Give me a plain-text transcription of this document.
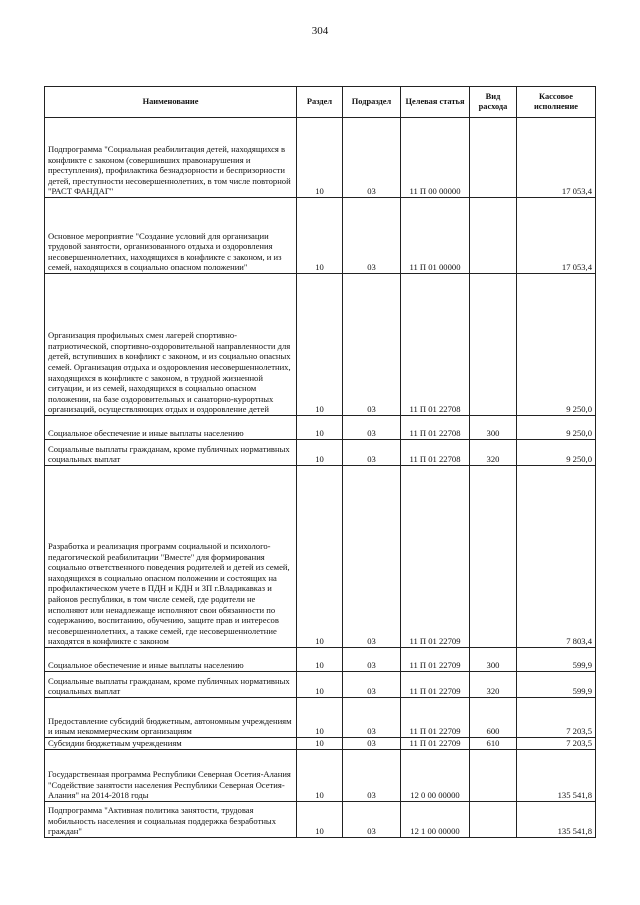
304
Наименование	Раздел	Подраздел	Целевая статья	Вид расхода	Кассовое исполнение
Подпрограмма "Социальная реабилитация детей, находящихся в конфликте с законом (совершивших правонарушения и преступления), профилактика безнадзорности и беспризорности детей, преступности несовершеннолетних, в том числе повторной "РАСТ ФАНДАГ"	10	03	11 П 00 00000		17 053,4
Основное мероприятие "Создание условий для организации трудовой занятости, организованного отдыха и оздоровления несовершеннолетних, находящихся в конфликте с законом, и из семей, находящихся в социально опасном положении"	10	03	11 П 01 00000		17 053,4
Организация профильных смен лагерей спортивно-патриотической, спортивно-оздоровительной направленности для детей, вступивших в конфликт с законом, и из социально опасных семей. Организация отдыха и оздоровления несовершеннолетних, находящихся в конфликте с законом, в трудной жизненной ситуации, и из семей, находящихся в социально опасном положении, на базе оздоровительных и санаторно-курортных организаций, осуществляющих отдых и оздоровление детей	10	03	11 П 01 22708		9 250,0
Социальное обеспечение и иные выплаты населению	10	03	11 П 01 22708	300	9 250,0
Социальные выплаты гражданам, кроме публичных нормативных социальных выплат	10	03	11 П 01 22708	320	9 250,0

Разработка и реализация программ социальной и психолого-педагогической реабилитации "Вместе" для формирования социально ответственного поведения родителей и детей из семей, находящихся в социально опасном положении и состоящих на профилактическом учете в ПДН и КДН и ЗП г.Владикавказ и районов республики, в том числе семей, где родители не исполняют или ненадлежаще исполняют свои обязанности по содержанию, воспитанию, обучению, защите прав и интересов несовершеннолетних, а также семей, где несовершеннолетние находятся в конфликте с законом	10	03	11 П 01 22709		7 803,4
Социальное обеспечение и иные выплаты населению	10	03	11 П 01 22709	300	599,9
Социальные выплаты гражданам, кроме публичных нормативных социальных выплат	10	03	11 П 01 22709	320	599,9

Предоставление субсидий бюджетным, автономным учреждениям и иным некоммерческим организациям	10	03	11 П 01 22709	600	7 203,5
Субсидии бюджетным учреждениям	10	03	11 П 01 22709	610	7 203,5
Государственная программа Республики Северная Осетия-Алания "Содействие занятости населения Республики Северная Осетия-Алания" на 2014-2018 годы	10	03	12 0 00 00000		135 541,8
Подпрограмма "Активная политика занятости, трудовая мобильность населения и социальная поддержка безработных граждан"	10	03	12 1 00 00000		135 541,8
